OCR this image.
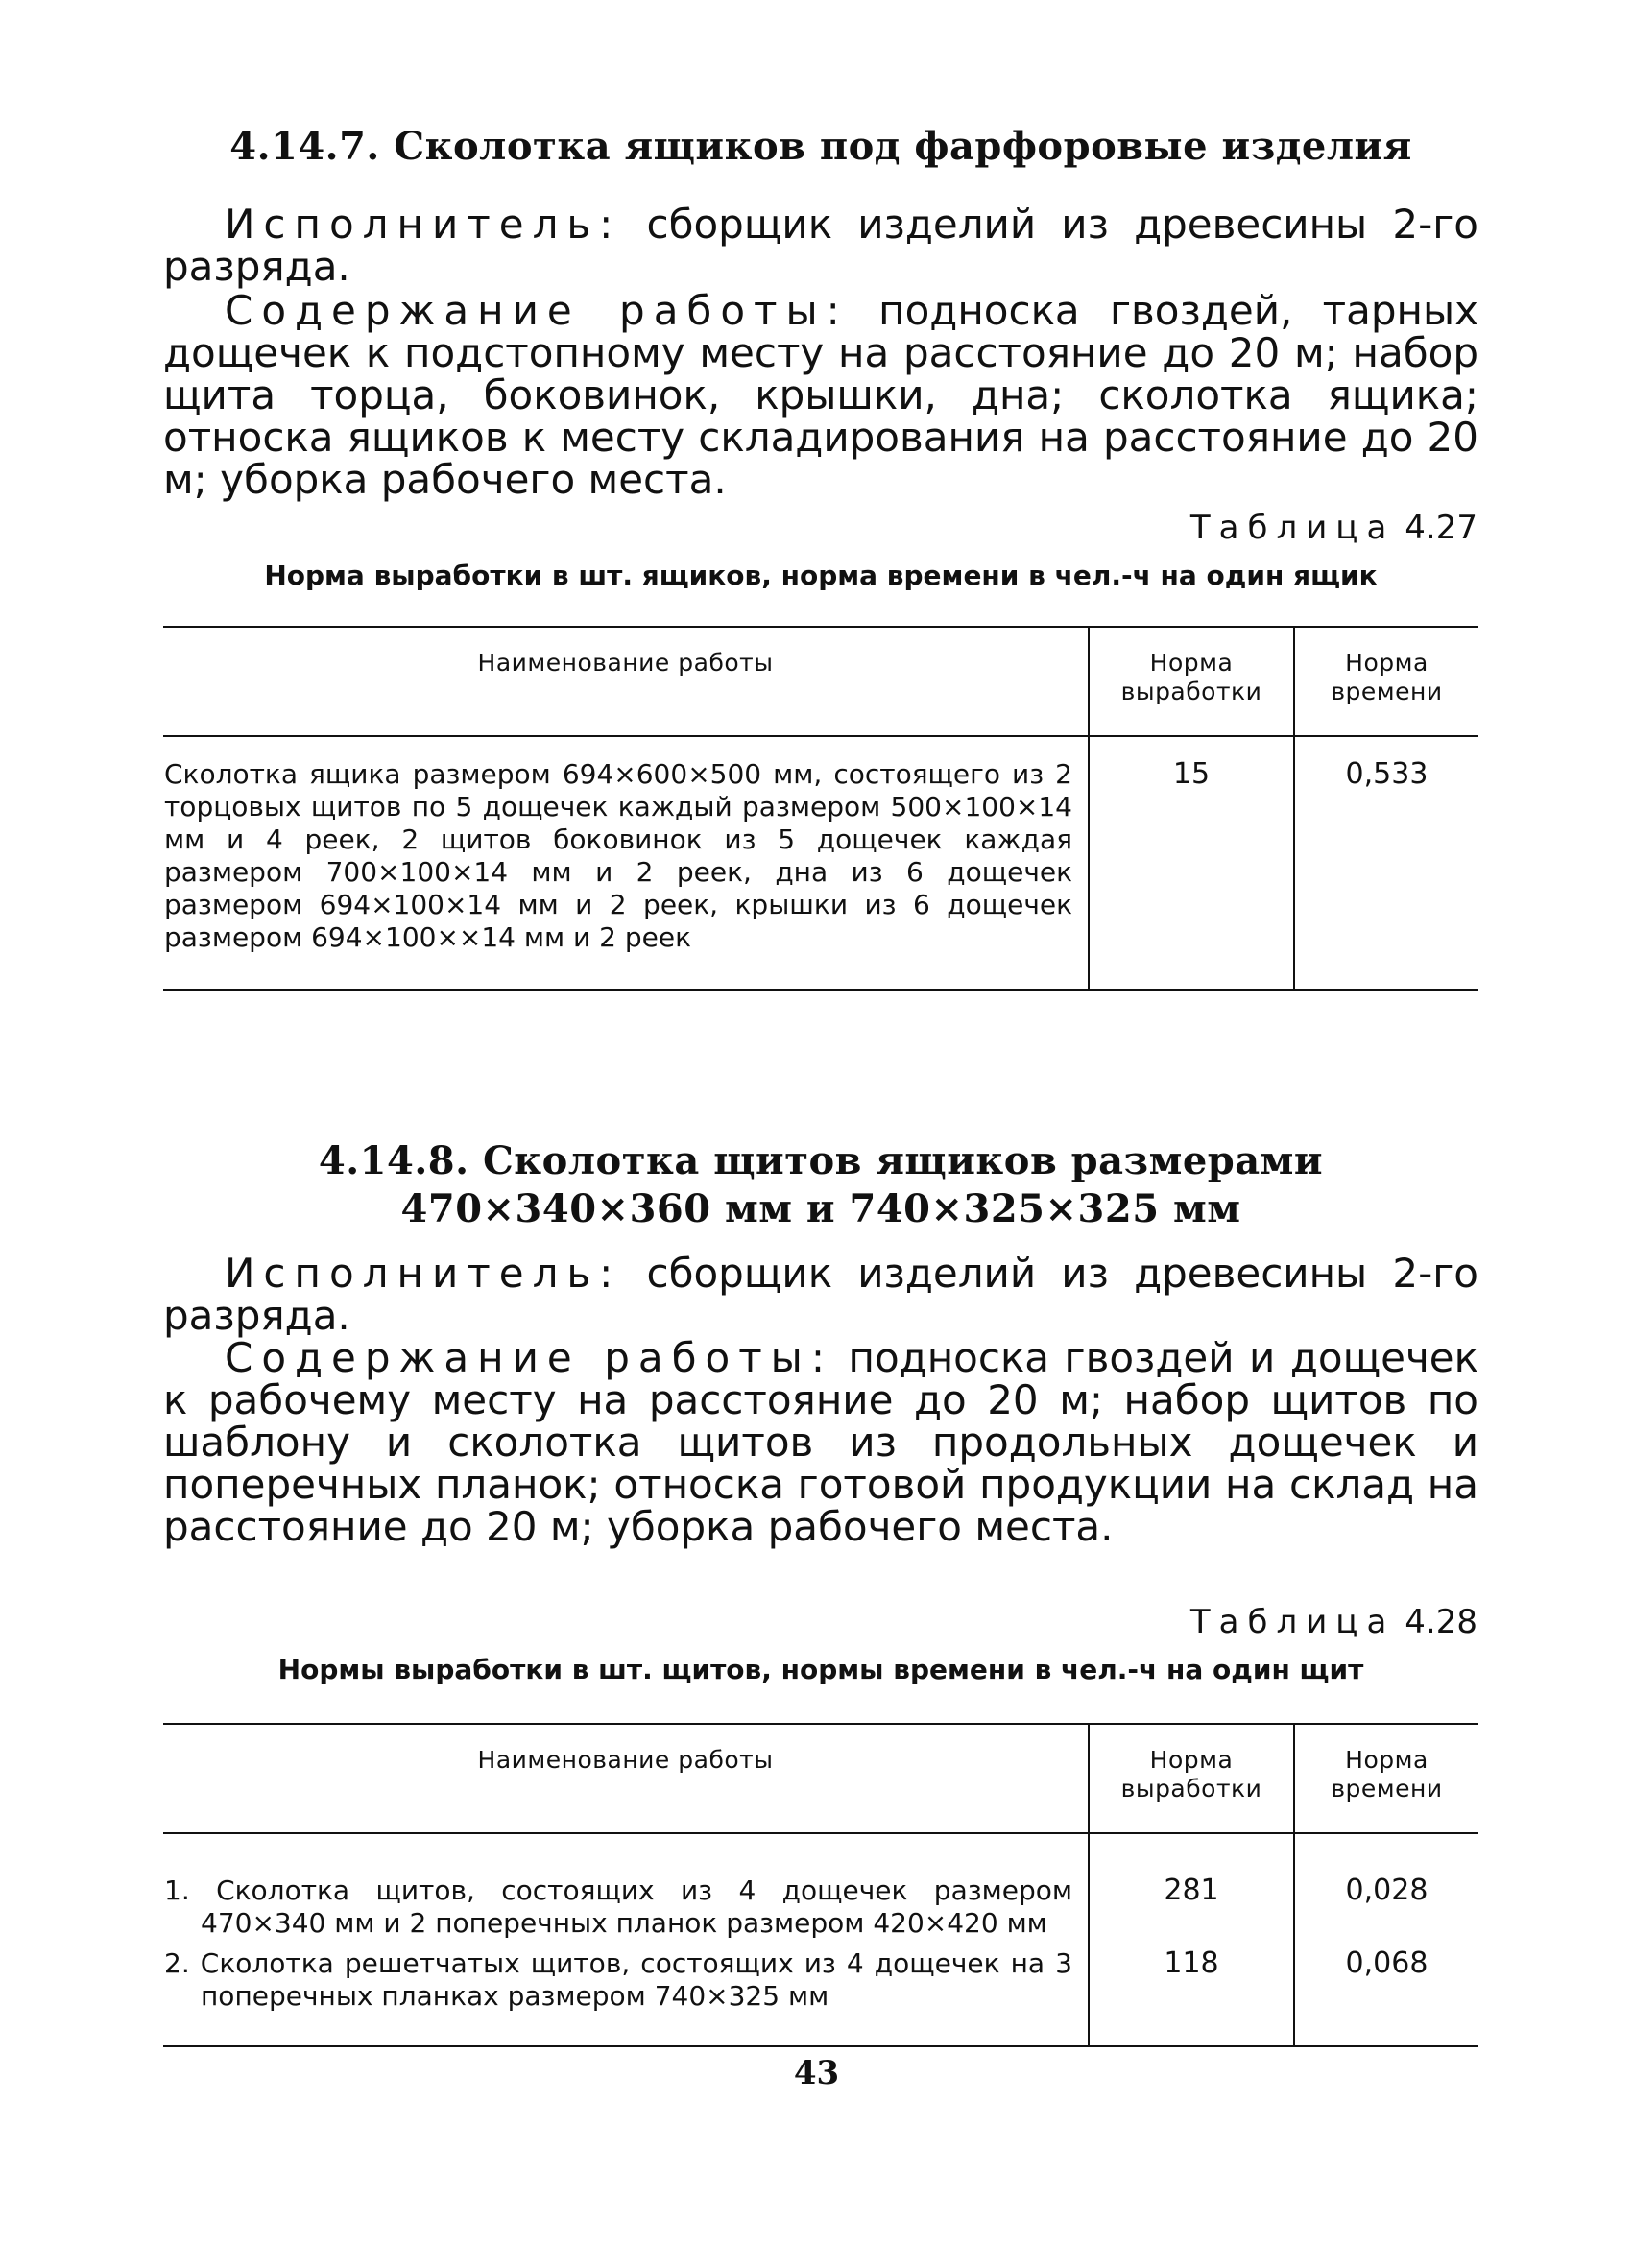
4.14.7. Сколотка ящиков под фарфоровые изделия
Исполнитель: сборщик изделий из древесины 2-го разряда.
Содержание работы: подноска гвоздей, тарных дощечек к подстопному месту на расстояние до 20 м; набор щита торца, боковинок, крышки, дна; сколотка ящика; относка ящиков к месту складирования на расстояние до 20 м; уборка рабочего места.
Таблица 4.27
Норма выработки в шт. ящиков, норма времени в чел.-ч на один ящик
Наименование работы	Норма выработки	Норма времени
Сколотка ящика размером 694×600×500 мм, состоящего из 2 торцовых щитов по 5 дощечек каждый размером 500×100×14 мм и 4 реек, 2 щитов боковинок из 5 дощечек каждая размером 700×100×14 мм и 2 реек, дна из 6 дощечек размером 694×100×14 мм и 2 реек, крышки из 6 дощечек размером 694×100××14 мм и 2 реек	15	0,533
4.14.8. Сколотка щитов ящиков размерами
470×340×360 мм и 740×325×325 мм
Исполнитель: сборщик изделий из древесины 2-го разряда.
Содержание работы: подноска гвоздей и дощечек к рабочему месту на расстояние до 20 м; набор щитов по шаблону и сколотка щитов из продольных дощечек и поперечных планок; относка готовой продукции на склад на расстояние до 20 м; уборка рабочего места.
Таблица 4.28
Нормы выработки в шт. щитов, нормы времени в чел.-ч на один щит
Наименование работы	Норма выработки	Норма времени

1. Сколотка щитов, состоящих из 4 дощечек размером 470×340 мм и 2 поперечных планок размером 420×420 мм	281	0,028

2. Сколотка решетчатых щитов, состоящих из 4 дощечек на 3 поперечных планках размером 740×325 мм	118	0,068
43
